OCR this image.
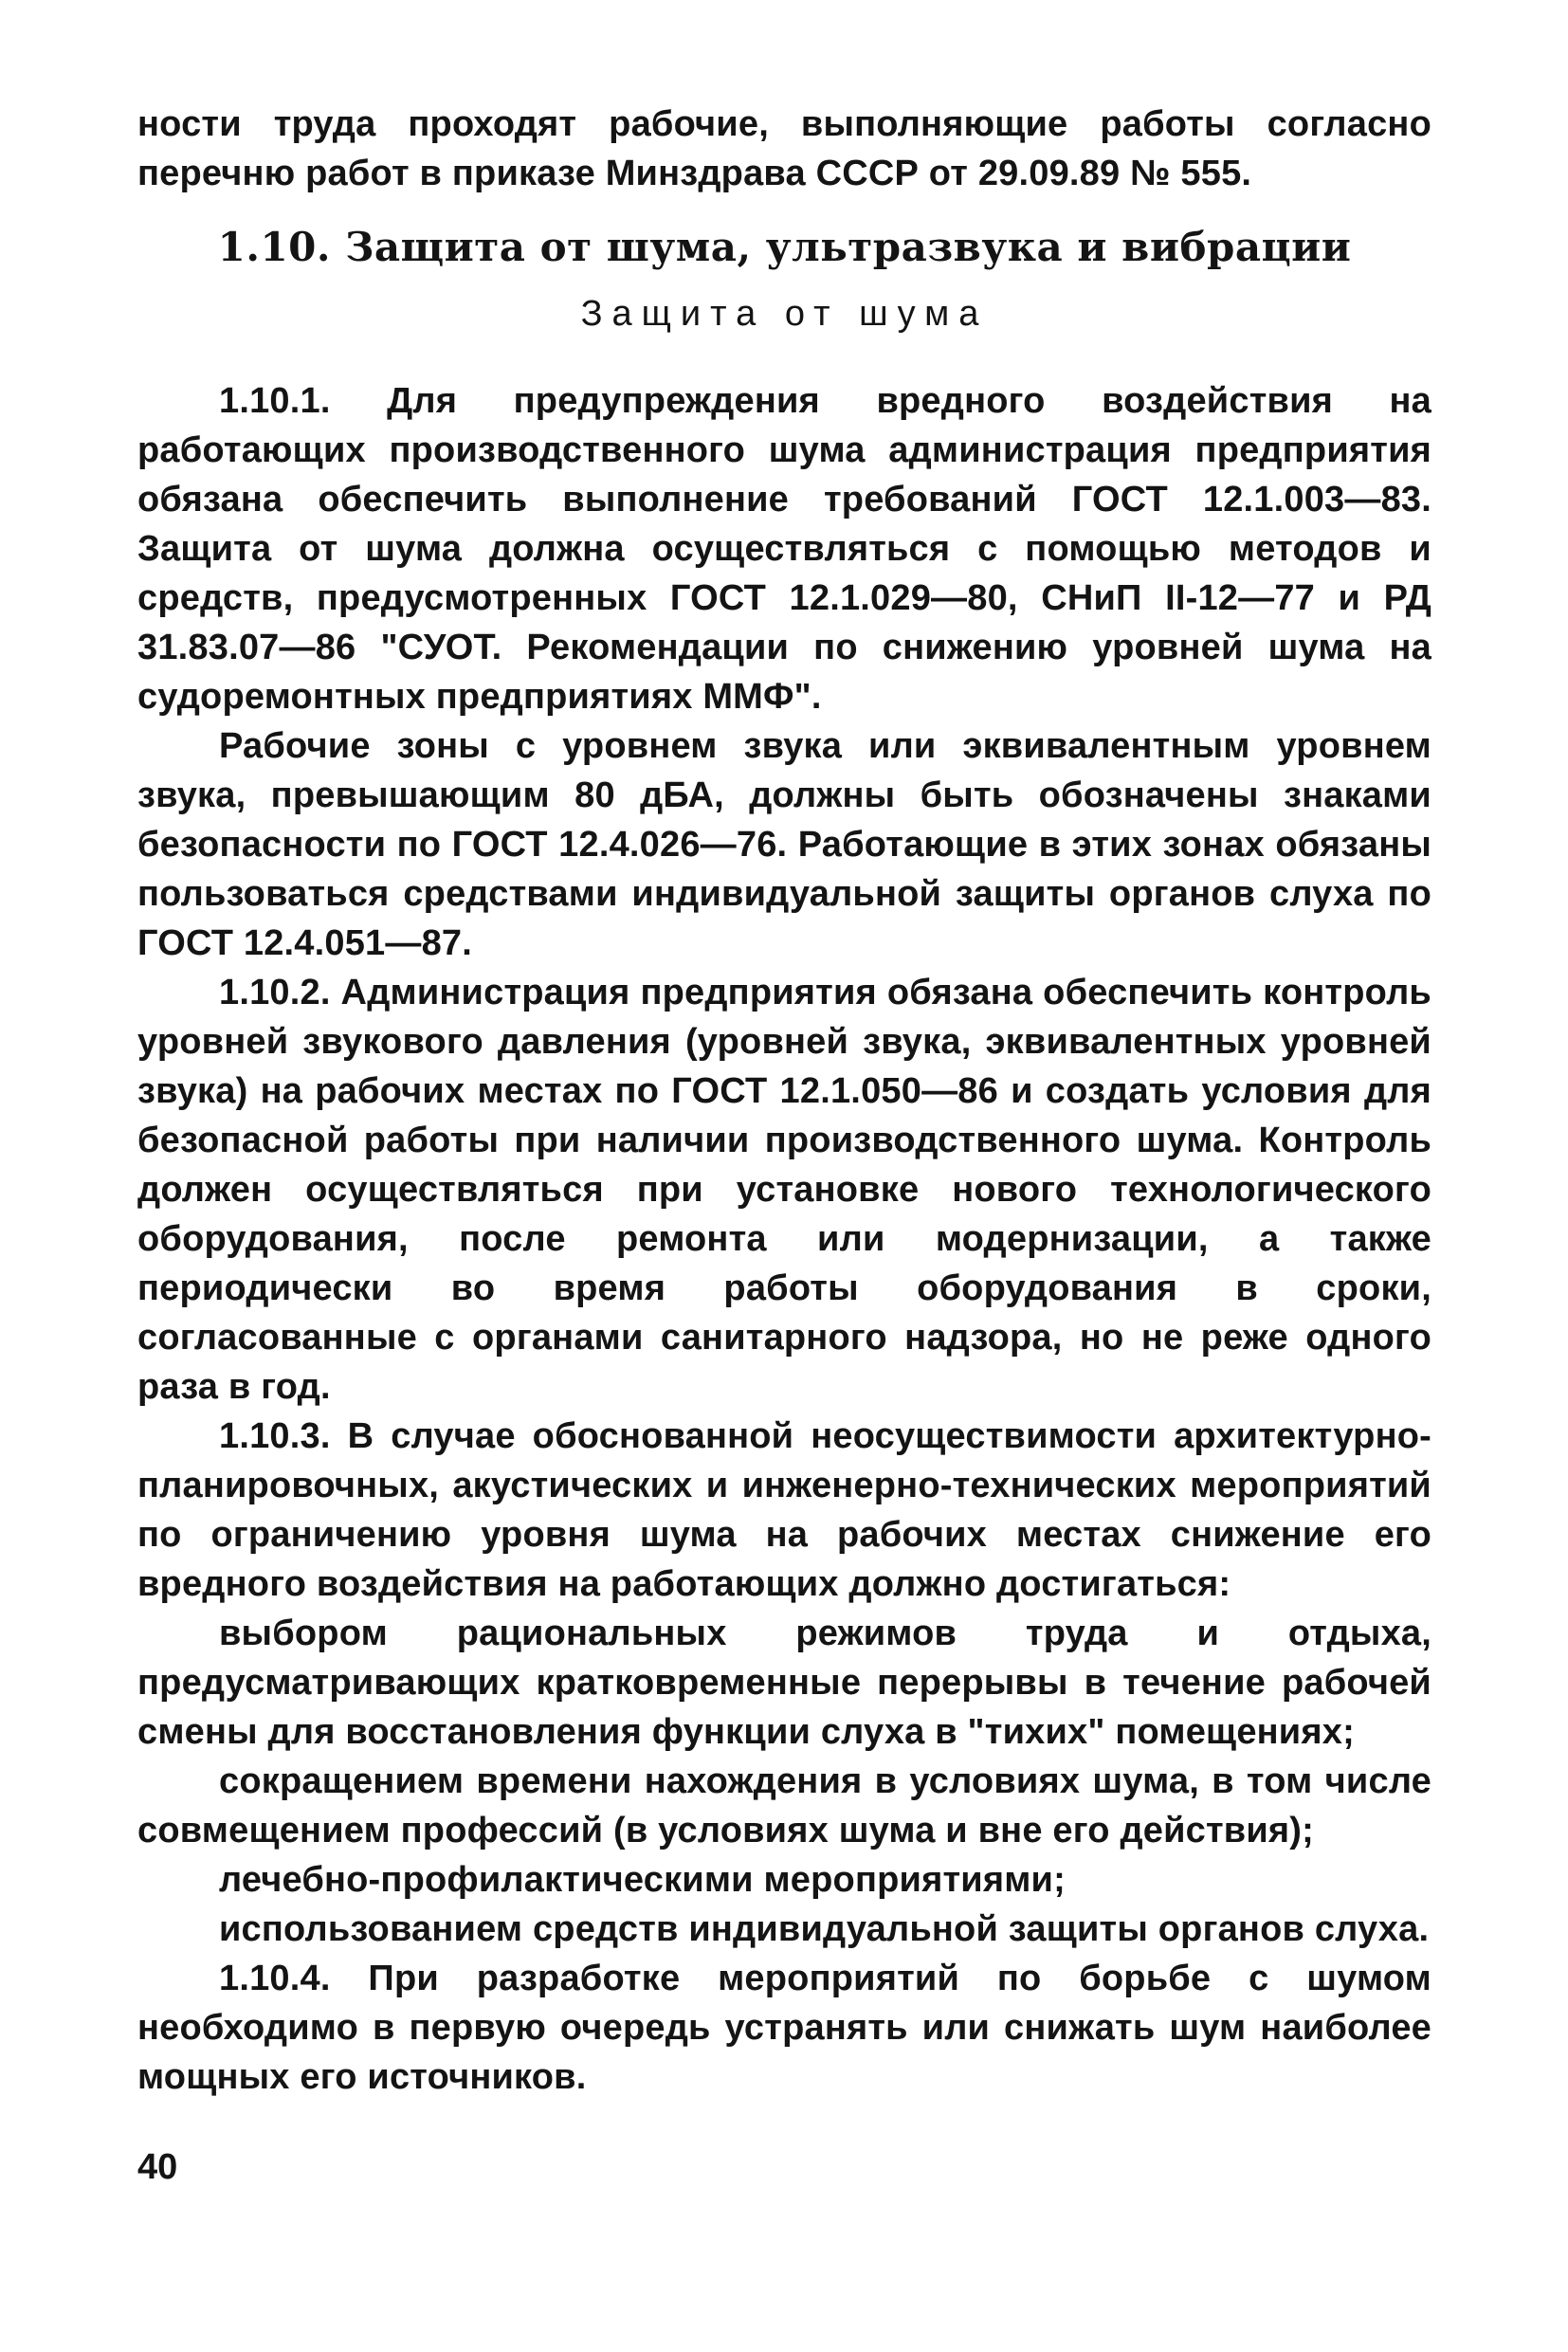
ности труда проходят рабочие, выполняющие работы согласно перечню работ в приказе Минздрава СССР от 29.09.89 № 555.

1.10. Защита от шума, ультразвука и вибрации
Защита от шума

1.10.1. Для предупреждения вредного воздействия на работающих производственного шума администрация предприятия обязана обеспечить выполнение требований ГОСТ 12.1.003—83. Защита от шума должна осуществляться с помощью методов и средств, предусмотренных ГОСТ 12.1.029—80, СНиП II-12—77 и РД 31.83.07—86 "СУОТ. Рекомендации по снижению уровней шума на судоремонтных предприятиях ММФ".

Рабочие зоны с уровнем звука или эквивалентным уровнем звука, превышающим 80 дБА, должны быть обозначены знаками безопасности по ГОСТ 12.4.026—76. Работающие в этих зонах обязаны пользоваться средствами индивидуальной защиты органов слуха по ГОСТ 12.4.051—87.

1.10.2. Администрация предприятия обязана обеспечить контроль уровней звукового давления (уровней звука, эквивалентных уровней звука) на рабочих местах по ГОСТ 12.1.050—86 и создать условия для безопасной работы при наличии производственного шума. Контроль должен осуществляться при установке нового технологического оборудования, после ремонта или модернизации, а также периодически во время работы оборудования в сроки, согласованные с органами санитарного надзора, но не реже одного раза в год.

1.10.3. В случае обоснованной неосуществимости архитектурно-планировочных, акустических и инженерно-технических мероприятий по ограничению уровня шума на рабочих местах снижение его вредного воздействия на работающих должно достигаться:

выбором рациональных режимов труда и отдыха, предусматривающих кратковременные перерывы в течение рабочей смены для восстановления функции слуха в "тихих" помещениях;

сокращением времени нахождения в условиях шума, в том числе совмещением профессий (в условиях шума и вне его действия);

лечебно-профилактическими мероприятиями;

использованием средств индивидуальной защиты органов слуха.

1.10.4. При разработке мероприятий по борьбе с шумом необходимо в первую очередь устранять или снижать шум наиболее мощных его источников.

40
